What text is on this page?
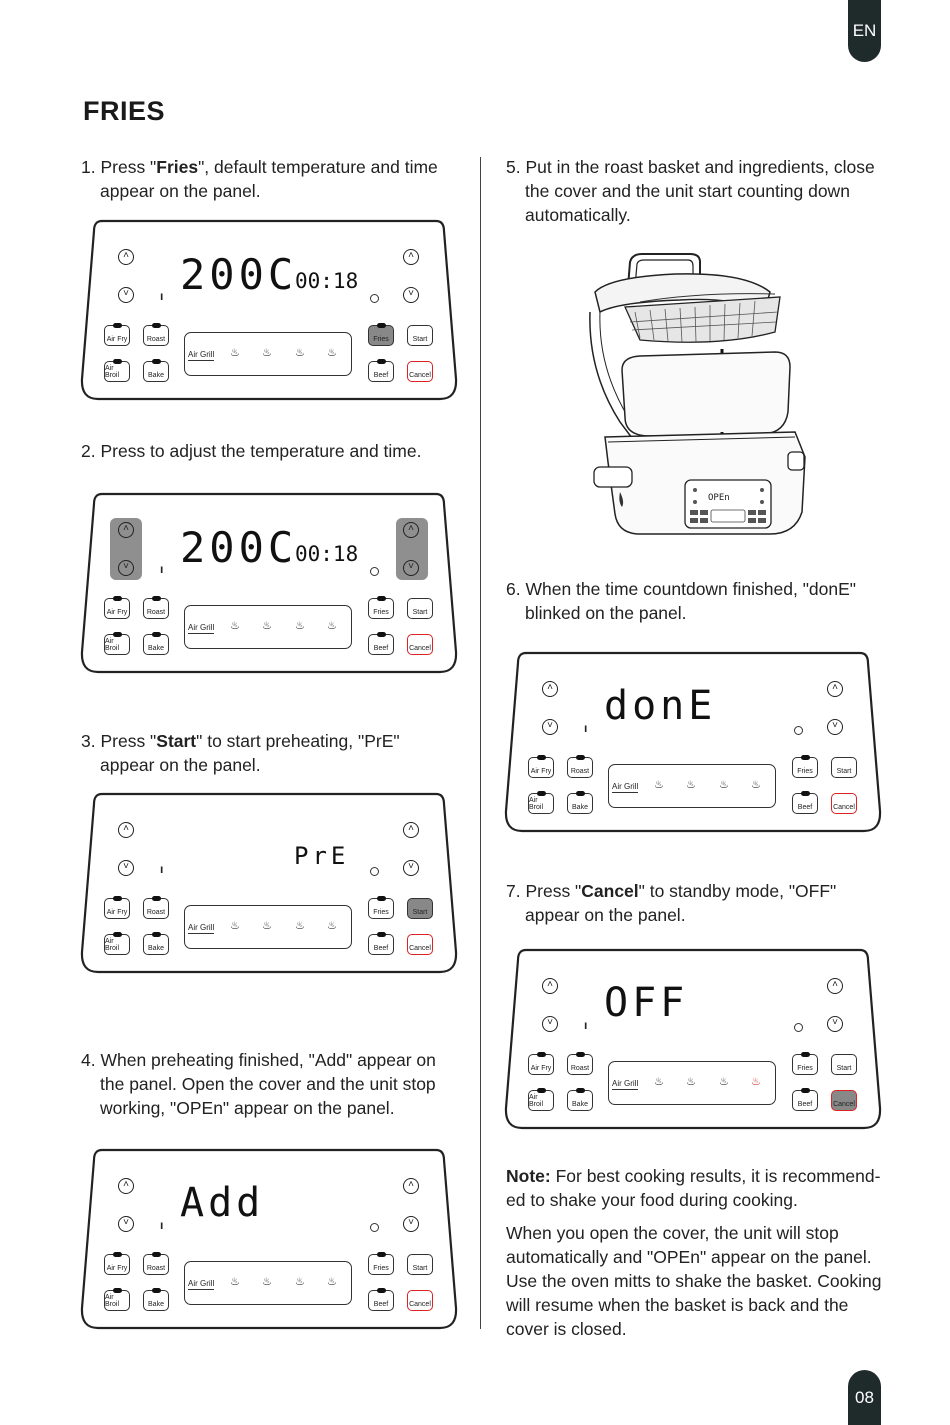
EN
FRIES

1. Press "Fries", default temperature and time
appear on the panel.

2. Press to adjust the temperature and time.

3. Press "Start" to start preheating, "PrE"
appear on the panel.

4. When preheating finished, "Add" appear on
the panel. Open the cover and the unit stop
working, "OPEn" appear on the panel.

5. Put in the roast basket and ingredients, close
the cover and the unit start counting down
automatically.

6. When the time countdown finished, "donE"
blinked on the panel.

7. Press "Cancel" to standby mode, "OFF"
appear on the panel.

Note: For best cooking results, it is recommend-
ed to shake your food during cooking.

When you open the cover, the unit will stop
automatically and "OPEn" appear on the panel.
Use the oven mitts to shake the basket. Cooking
will resume when the basket is back and the
cover is closed.

˄
˅
˄
˅
ı 200C
00:18
Air Fry	Roast
Air Broil	Bake
Fries	Start
Beef	Cancel
Air Grill ♨ ♨ ♨ ♨
˄
˅
˄
˅
ı 200C
00:18
Air Fry	Roast
Air Broil	Bake
Fries	Start
Beef	Cancel
Air Grill ♨ ♨ ♨ ♨
˄
˅
˄
˅
ı	PrE
Air Fry	Roast
Air Broil	Bake
Fries	Start
Beef	Cancel
Air Grill ♨ ♨ ♨ ♨
˄
˅
˄
˅
ı Add
Air Fry	Roast
Air Broil	Bake
Fries	Start
Beef	Cancel
Air Grill ♨ ♨ ♨ ♨
˄
˅
˄
˅
ı donE
Air Fry	Roast
Air Broil	Bake
Fries	Start
Beef	Cancel
Air Grill ♨ ♨ ♨ ♨
˄
˅
˄
˅
ı OFF
Air Fry	Roast
Air Broil	Bake
Fries	Start
Beef	Cancel
Air Grill ♨ ♨ ♨ ♨
OPEn
08
